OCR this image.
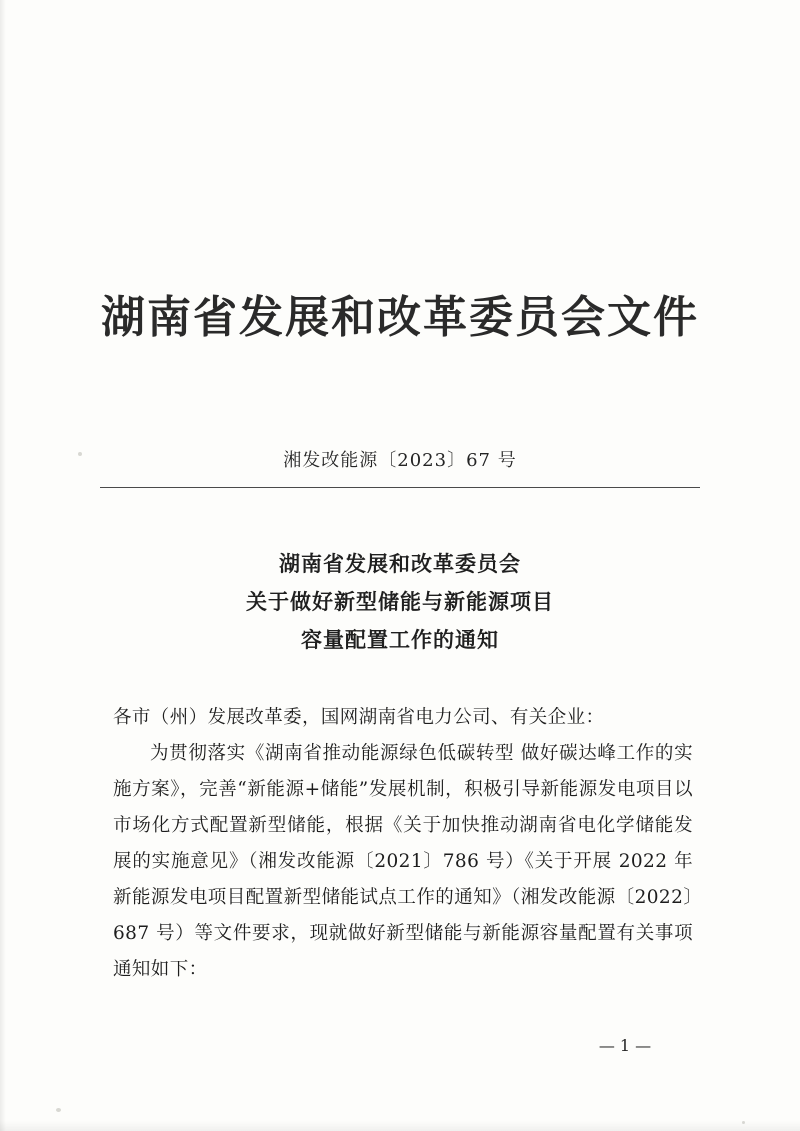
湖南省发展和改革委员会文件
湘发改能源〔2023〕67 号
湖南省发展和改革委员会
关于做好新型储能与新能源项目
容量配置工作的通知

各市（州）发展改革委，国网湖南省电力公司、有关企业：

为贯彻落实《湖南省推动能源绿色低碳转型 做好碳达峰工作的实施方案》，完善“新能源+储能”发展机制，积极引导新能源发电项目以市场化方式配置新型储能，根据《关于加快推动湖南省电化学储能发展的实施意见》（湘发改能源〔2021〕786 号）《关于开展 2022 年新能源发电项目配置新型储能试点工作的通知》（湘发改能源〔2022〕687 号）等文件要求，现就做好新型储能与新能源容量配置有关事项通知如下：

— 1 —
